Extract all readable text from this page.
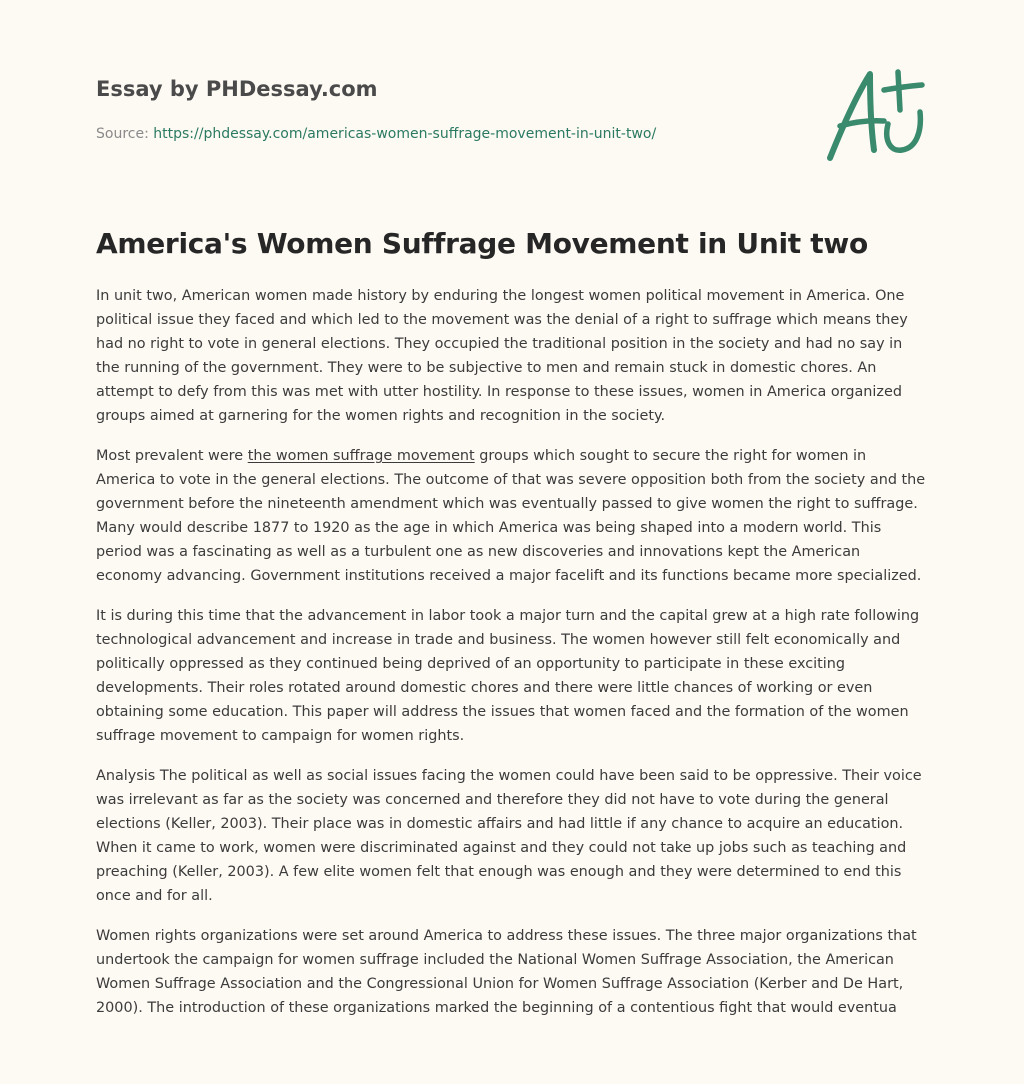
Essay by PHDessay.com
Source: https://phdessay.com/americas-women-suffrage-movement-in-unit-two/
America's Women Suffrage Movement in Unit two

In unit two, American women made history by enduring the longest women political movement in America. One political issue they faced and which led to the movement was the denial of a right to suffrage which means they had no right to vote in general elections. They occupied the traditional position in the society and had no say in the running of the government. They were to be subjective to men and remain stuck in domestic chores. An attempt to defy from this was met with utter hostility. In response to these issues, women in America organized groups aimed at garnering for the women rights and recognition in the society.

Most prevalent were the women suffrage movement groups which sought to secure the right for women in America to vote in the general elections. The outcome of that was severe opposition both from the society and the government before the nineteenth amendment which was eventually passed to give women the right to suffrage. Many would describe 1877 to 1920 as the age in which America was being shaped into a modern world. This period was a fascinating as well as a turbulent one as new discoveries and innovations kept the American economy advancing. Government institutions received a major facelift and its functions became more specialized.

It is during this time that the advancement in labor took a major turn and the capital grew at a high rate following technological advancement and increase in trade and business. The women however still felt economically and politically oppressed as they continued being deprived of an opportunity to participate in these exciting developments. Their roles rotated around domestic chores and there were little chances of working or even obtaining some education. This paper will address the issues that women faced and the formation of the women suffrage movement to campaign for women rights.

Analysis The political as well as social issues facing the women could have been said to be oppressive. Their voice was irrelevant as far as the society was concerned and therefore they did not have to vote during the general elections (Keller, 2003). Their place was in domestic affairs and had little if any chance to acquire an education. When it came to work, women were discriminated against and they could not take up jobs such as teaching and preaching (Keller, 2003). A few elite women felt that enough was enough and they were determined to end this once and for all.

Women rights organizations were set around America to address these issues. The three major organizations that undertook the campaign for women suffrage included the National Women Suffrage Association, the American Women Suffrage Association and the Congressional Union for Women Suffrage Association (Kerber and De Hart, 2000). The introduction of these organizations marked the beginning of a contentious fight that would eventua
